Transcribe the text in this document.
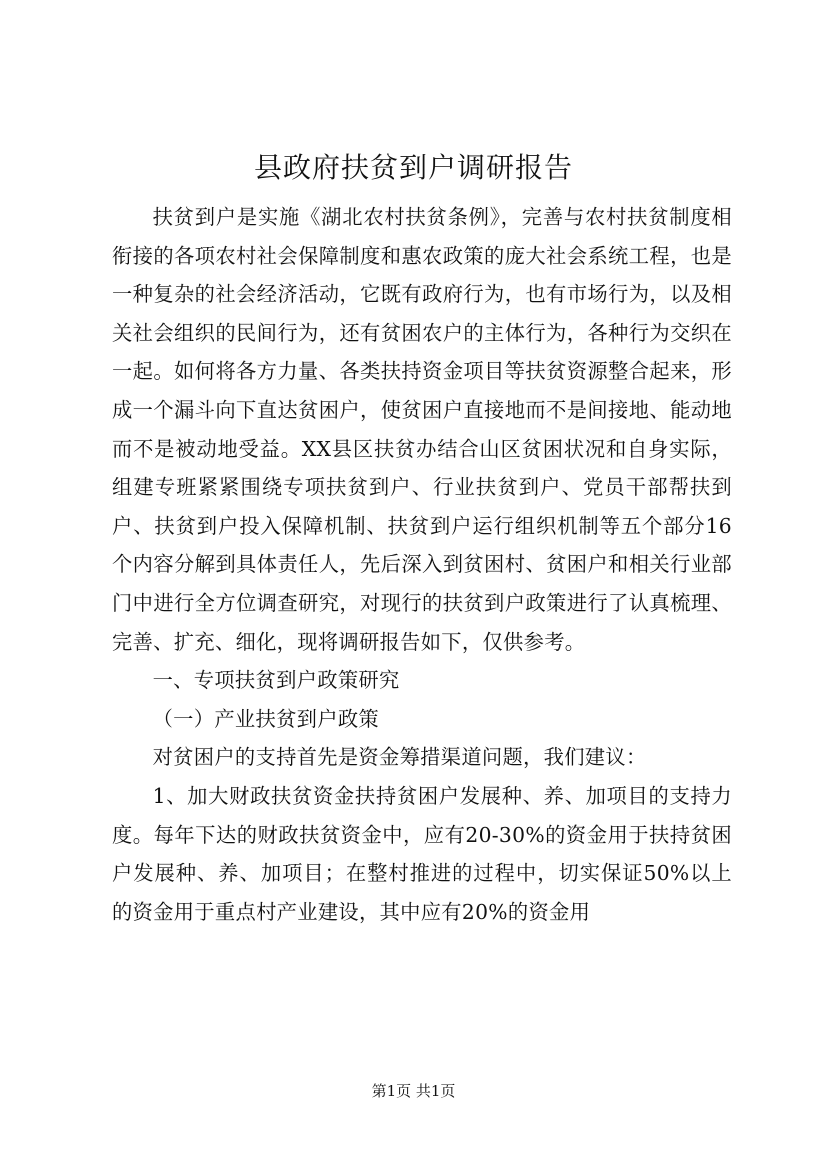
县政府扶贫到户调研报告

扶贫到户是实施《湖北农村扶贫条例》，完善与农村扶贫制度相衔接的各项农村社会保障制度和惠农政策的庞大社会系统工程，也是一种复杂的社会经济活动，它既有政府行为，也有市场行为，以及相关社会组织的民间行为，还有贫困农户的主体行为，各种行为交织在一起。如何将各方力量、各类扶持资金项目等扶贫资源整合起来，形成一个漏斗向下直达贫困户，使贫困户直接地而不是间接地、能动地而不是被动地受益。XX县区扶贫办结合山区贫困状况和自身实际，组建专班紧紧围绕专项扶贫到户、行业扶贫到户、党员干部帮扶到户、扶贫到户投入保障机制、扶贫到户运行组织机制等五个部分16个内容分解到具体责任人，先后深入到贫困村、贫困户和相关行业部门中进行全方位调查研究，对现行的扶贫到户政策进行了认真梳理、完善、扩充、细化，现将调研报告如下，仅供参考。

一、专项扶贫到户政策研究

（一）产业扶贫到户政策

对贫困户的支持首先是资金筹措渠道问题，我们建议：

1、加大财政扶贫资金扶持贫困户发展种、养、加项目的支持力度。每年下达的财政扶贫资金中，应有20-30%的资金用于扶持贫困户发展种、养、加项目；在整村推进的过程中，切实保证50%以上的资金用于重点村产业建设，其中应有20%的资金用

第1页 共1页
